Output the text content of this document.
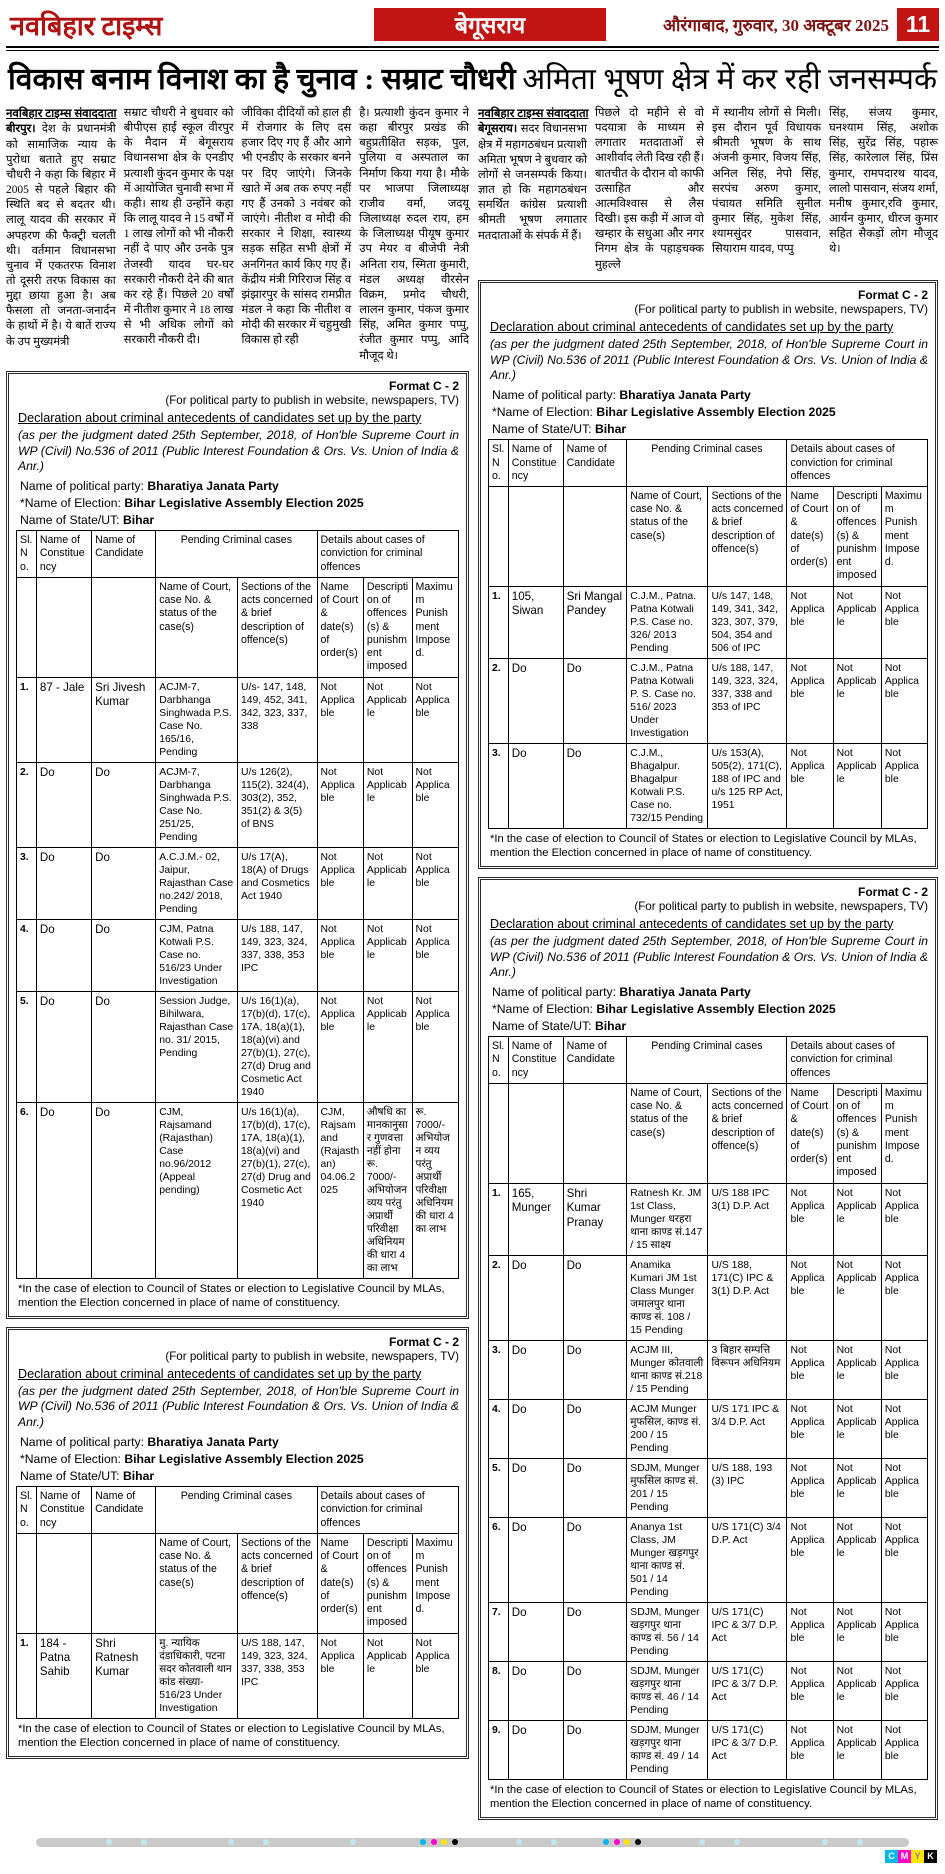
नवबिहार टाइम्स	बेगूसराय	औरंगाबाद, गुरुवार, 30 अक्टूबर 2025 11
विकास बनाम विनाश का है चुनाव : सम्राट चौधरी अमिता भूषण क्षेत्र में कर रही जनसम्पर्क
नवबिहार टाइम्स संवाददाता
बीरपुर। देश के प्रधानमंत्री को सामाजिक न्याय के पुरोधा बताते हुए सम्राट चौधरी ने कहा कि बिहार में 2005 से पहले बिहार की स्थिति बद से बदतर थी। लालू यादव की सरकार में अपहरण की फैक्ट्री चलती थी। वर्तमान विधानसभा चुनाव में एकतरफ विनाश तो दूसरी तरफ विकास का मुद्दा छाया हुआ है। अब फैसला तो जनता-जनार्दन के हाथों में है। ये बातें राज्य के उप मुख्यमंत्री
सम्राट चौधरी ने बुधवार को बीपीएस हाई स्कूल वीरपुर के मैदान में बेगूसराय विधानसभा क्षेत्र के एनडीए प्रत्याशी कुंदन कुमार के पक्ष में आयोजित चुनावी सभा में कही। साथ ही उन्होंने कहा कि लालू यादव ने 15 वर्षों में 1 लाख लोगों को भी नौकरी नहीं दे पाए और उनके पुत्र तेजस्वी यादव घर-घर सरकारी नौकरी देने की बात कर रहे हैं। पिछले 20 वर्षों में नीतीश कुमार ने 18 लाख से भी अधिक लोगों को सरकारी नौकरी दी।
जीविका दीदियों को हाल ही में रोजगार के लिए दस हजार दिए गए हैं और आगे भी एनडीए के सरकार बनने पर दिए जाएंगे। जिनके खाते में अब तक रुपए नहीं गए हैं उनको 3 नवंबर को जाएंगे। नीतीश व मोदी की सरकार ने शिक्षा, स्वास्थ्य सड़क सहित सभी क्षेत्रों में अनगिनत कार्य किए गए हैं। केंद्रीय मंत्री गिरिराज सिंह व झंझारपुर के सांसद रामप्रीत मंडल ने कहा कि नीतीश व मोदी की सरकार में चहुमुखी विकास हो रही
है। प्रत्याशी कुंदन कुमार ने कहा बीरपुर प्रखंड की बहुप्रतीक्षित सड़क, पुल, पुलिया व अस्पताल का निर्माण किया गया है। मौके पर भाजपा जिलाध्यक्ष राजीव वर्मा, जदयू जिलाध्यक्ष रुदल राय, हम के जिलाध्यक्ष पीयूष कुमार उप मेयर व बीजेपी नेत्री अनिता राय, स्मिता कुमारी, मंडल अध्यक्ष वीरसेन विक्रम, प्रमोद चौधरी, लालन कुमार, पंकज कुमार सिंह, अमित कुमार पप्पु, रंजीत कुमार पप्पु, आदि मौजूद थे।
Format C - 2
(For political party to publish in website, newspapers, TV)
Declaration about criminal antecedents of candidates set up by the party
(as per the judgment dated 25th September, 2018, of Hon'ble Supreme Court in WP (Civil) No.536 of 2011 (Public Interest Foundation & Ors. Vs. Union of India & Anr.)
Name of political party: Bharatiya Janata Party
*Name of Election: Bihar Legislative Assembly Election 2025
Name of State/UT: Bihar
Sl. No.	Name of Constituency	Name of Candidate	Pending Criminal cases		Details about cases of conviction for criminal offences		
			Name of Court, case No. & status of the case(s)	Sections of the acts concerned & brief description of offence(s)	Name of Court & date(s) of order(s)	Description of offences(s) & punishment imposed	Maximum Punishment Imposed.
1.	87 - Jale	Sri Jivesh Kumar	ACJM-7, Darbhanga Singhwada P.S. Case No. 165/16, Pending	U/s- 147, 148, 149, 452, 341, 342, 323, 337, 338	Not Applicable	Not Applicable	Not Applicable
2.	Do	Do	ACJM-7, Darbhanga Singhwada P.S. Case No. 251/25, Pending	U/s 126(2), 115(2), 324(4), 303(2), 352, 351(2) & 3(5) of BNS	Not Applicable	Not Applicable	Not Applicable
3.	Do	Do	A.C.J.M.- 02, Jaipur, Rajasthan Case no.242/ 2018, Pending	U/s 17(A), 18(A) of Drugs and Cosmetics Act 1940	Not Applicable	Not Applicable	Not Applicable
4.	Do	Do	CJM, Patna Kotwali P.S. Case no. 516/23 Under Investigation	U/s 188, 147, 149, 323, 324, 337, 338, 353 IPC	Not Applicable	Not Applicable	Not Applicable
5.	Do	Do	Session Judge, Bihilwara, Rajasthan Case no. 31/ 2015, Pending	U/s 16(1)(a), 17(b)(d), 17(c), 17A, 18(a)(1), 18(a)(vi) and 27(b)(1), 27(c), 27(d) Drug and Cosmetic Act 1940	Not Applicable	Not Applicable	Not Applicable
6.	Do	Do	CJM, Rajsamand (Rajasthan) Case no.96/2012 (Appeal pending)	U/s 16(1)(a), 17(b)(d), 17(c), 17A, 18(a)(1), 18(a)(vi) and 27(b)(1), 27(c), 27(d) Drug and Cosmetic Act 1940	CJM, Rajsamand (Rajasthan) 04.06.2025	औषधि का मानकानुसार गुणवत्ता नहीं होना रू. 7000/- अभियोजन व्यय परंतु अप्रार्थी परिवीक्षा अधिनियम की धारा 4 का लाभ	रू. 7000/- अभियोजन व्यय परंतु अप्रार्थी परिवीक्षा अधिनियम की धारा 4 का लाभ
*In the case of election to Council of States or election to Legislative Council by MLAs, mention the Election concerned in place of name of constituency.
Format C - 2
(For political party to publish in website, newspapers, TV)
Declaration about criminal antecedents of candidates set up by the party
(as per the judgment dated 25th September, 2018, of Hon'ble Supreme Court in WP (Civil) No.536 of 2011 (Public Interest Foundation & Ors. Vs. Union of India & Anr.)
Name of political party: Bharatiya Janata Party
*Name of Election: Bihar Legislative Assembly Election 2025
Name of State/UT: Bihar
Sl. No.	Name of Constituency	Name of Candidate	Pending Criminal cases		Details about cases of conviction for criminal offences		
			Name of Court, case No. & status of the case(s)	Sections of the acts concerned & brief description of offence(s)	Name of Court & date(s) of order(s)	Description of offences(s) & punishment imposed	Maximum Punishment Imposed.
1.	184 - Patna Sahib	Shri Ratnesh Kumar	मु. न्यायिक दंडाधिकारी, पटना सदर कोतवाली थान कांड संख्या- 516/23 Under Investigation	U/S 188, 147, 149, 323, 324, 337, 338, 353 IPC	Not Applicable	Not Applicable	Not Applicable
*In the case of election to Council of States or election to Legislative Council by MLAs, mention the Election concerned in place of name of constituency.
नवबिहार टाइम्स संवाददाता
बेगूसराय। सदर विधानसभा क्षेत्र में महागठबंधन प्रत्याशी अमिता भूषण ने बुधवार को लोगों से जनसम्पर्क किया। ज्ञात हो कि महागठबंधन समर्थित कांग्रेस प्रत्याशी श्रीमती भूषण लगातार मतदाताओं के संपर्क में हैं।
पिछले दो महीने से वो पदयात्रा के माध्यम से लगातार मतदाताओं से आशीर्वाद लेती दिख रही हैं। बातचीत के दौरान वो काफी उत्साहित और आत्मविश्वास से लैस दिखी। इस कड़ी में आज वो खम्हार के सधुआ और नगर निगम क्षेत्र के पहाड़चक्क मुहल्ले
में स्थानीय लोगों से मिली। इस दौरान पूर्व विधायक श्रीमती भूषण के साथ अंजनी कुमार, विजय सिंह, अनिल सिंह, नेपो सिंह, सरपंच अरुण कुमार, पंचायत समिति सुनील कुमार सिंह, मुकेश सिंह, श्यामसुंदर पासवान, सियाराम यादव, पप्पु
सिंह, संजय कुमार, घनश्याम सिंह, अशोक सिंह, सुरेंद्र सिंह, पहारू सिंह, कारेलाल सिंह, प्रिंस कुमार, रामपदारथ यादव, लालो पासवान, संजय शर्मा, मनीष कुमार,रवि कुमार, आर्यन कुमार, धीरज कुमार सहित सैकड़ों लोग मौजूद थे।
Format C - 2
(For political party to publish in website, newspapers, TV)
Declaration about criminal antecedents of candidates set up by the party
(as per the judgment dated 25th September, 2018, of Hon'ble Supreme Court in WP (Civil) No.536 of 2011 (Public Interest Foundation & Ors. Vs. Union of India & Anr.)
Name of political party: Bharatiya Janata Party
*Name of Election: Bihar Legislative Assembly Election 2025
Name of State/UT: Bihar
Sl. No.	Name of Constituency	Name of Candidate	Pending Criminal cases		Details about cases of conviction for criminal offences		
			Name of Court, case No. & status of the case(s)	Sections of the acts concerned & brief description of offence(s)	Name of Court & date(s) of order(s)	Description of offences(s) & punishment imposed	Maximum Punishment Imposed.
1.	105, Siwan	Sri Mangal Pandey	C.J.M., Patna. Patna Kotwali P.S. Case no. 326/ 2013 Pending	U/s 147, 148, 149, 341, 342, 323, 307, 379, 504, 354 and 506 of IPC	Not Applicable	Not Applicable	Not Applicable
2.	Do	Do	C.J.M., Patna Patna Kotwali P. S. Case no. 516/ 2023 Under Investigation	U/s 188, 147, 149, 323, 324, 337, 338 and 353 of IPC	Not Applicable	Not Applicable	Not Applicable
3.	Do	Do	C.J.M., Bhagalpur. Bhagalpur Kotwali P.S. Case no. 732/15 Pending	U/s 153(A), 505(2), 171(C), 188 of IPC and u/s 125 RP Act, 1951	Not Applicable	Not Applicable	Not Applicable
*In the case of election to Council of States or election to Legislative Council by MLAs, mention the Election concerned in place of name of constituency.
Format C - 2
(For political party to publish in website, newspapers, TV)
Declaration about criminal antecedents of candidates set up by the party
(as per the judgment dated 25th September, 2018, of Hon'ble Supreme Court in WP (Civil) No.536 of 2011 (Public Interest Foundation & Ors. Vs. Union of India & Anr.)
Name of political party: Bharatiya Janata Party
*Name of Election: Bihar Legislative Assembly Election 2025
Name of State/UT: Bihar
Sl. No.	Name of Constituency	Name of Candidate	Pending Criminal cases		Details about cases of conviction for criminal offences		
			Name of Court, case No. & status of the case(s)	Sections of the acts concerned & brief description of offence(s)	Name of Court & date(s) of order(s)	Description of offences(s) & punishment imposed	Maximum Punishment Imposed.
1.	165, Munger	Shri Kumar Pranay	Ratnesh Kr. JM 1st Class, Munger धरहरा थाना काण्ड सं.147 / 15 साक्ष्य	U/S 188 IPC 3(1) D.P. Act	Not Applicable	Not Applicable	Not Applicable
2.	Do	Do	Anamika Kumari JM 1st Class Munger जमालपुर थाना काण्ड सं. 108 / 15 Pending	U/S 188, 171(C) IPC & 3(1) D.P. Act	Not Applicable	Not Applicable	Not Applicable
3.	Do	Do	ACJM III, Munger कोतवाली थाना काण्ड सं.218 / 15 Pending	3 बिहार सम्पत्ति विरूपन अधिनियम	Not Applicable	Not Applicable	Not Applicable
4.	Do	Do	ACJM Munger मुफसिल, काण्ड सं. 200 / 15 Pending	U/S 171 IPC & 3/4 D.P. Act	Not Applicable	Not Applicable	Not Applicable
5.	Do	Do	SDJM, Munger मुफसिल काण्ड सं. 201 / 15 Pending	U/S 188, 193 (3) IPC	Not Applicable	Not Applicable	Not Applicable
6.	Do	Do	Ananya 1st Class, JM Munger खड़गपुर थाना काण्ड सं. 501 / 14 Pending	U/S 171(C) 3/4 D.P. Act	Not Applicable	Not Applicable	Not Applicable
7.	Do	Do	SDJM, Munger खड़गपुर थाना काण्ड सं. 56 / 14 Pending	U/S 171(C) IPC & 3/7 D.P. Act	Not Applicable	Not Applicable	Not Applicable
8.	Do	Do	SDJM, Munger खड़गपुर थाना काण्ड सं. 46 / 14 Pending	U/S 171(C) IPC & 3/7 D.P. Act	Not Applicable	Not Applicable	Not Applicable
9.	Do	Do	SDJM, Munger खड़गपुर थाना काण्ड सं. 49 / 14 Pending	U/S 171(C) IPC & 3/7 D.P. Act	Not Applicable	Not Applicable	Not Applicable
*In the case of election to Council of States or election to Legislative Council by MLAs, mention the Election concerned in place of name of constituency.
C M Y K
